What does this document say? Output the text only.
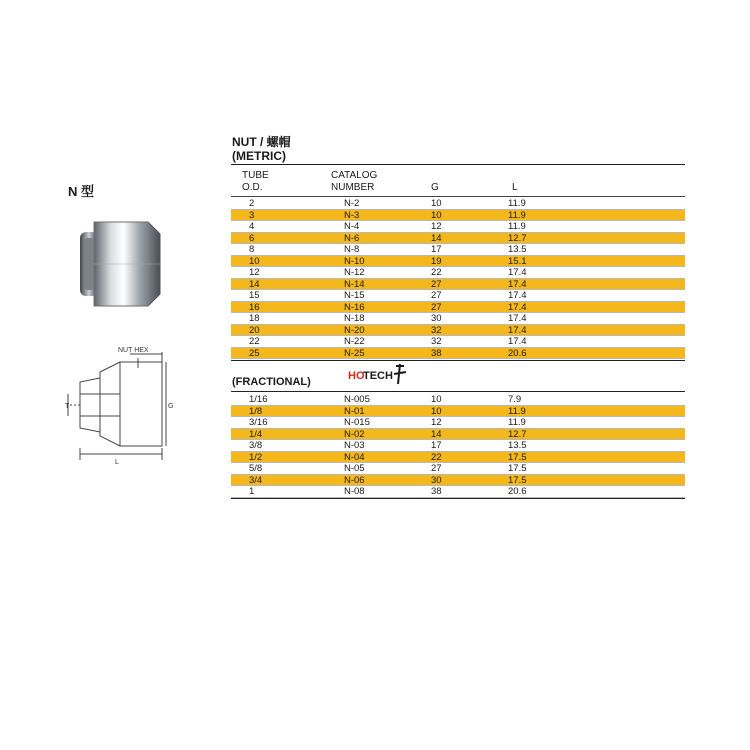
N 型
NUT HEX
T	G
L
NUT / 螺帽
(METRIC)
TUBE
O.D.
CATALOG
NUMBER	G	L
2	N-2	10	11.9
3	N-3	10	11.9
4	N-4	12	11.9
6	N-6	14	12.7
8	N-8	17	13.5
10	N-10	19	15.1
12	N-12	22	17.4
14	N-14	27	17.4
15	N-15	27	17.4
16	N-16	27	17.4
18	N-18	30	17.4
20	N-20	32	17.4
22	N-22	32	17.4
25	N-25	38	20.6
(FRACTIONAL)	HO
TECH
1/16	N-005	10	7.9
1/8	N-01	10	11.9
3/16	N-015	12	11.9
1/4	N-02	14	12.7
3/8	N-03	17	13.5
1/2	N-04	22	17.5
5/8	N-05	27	17.5
3/4	N-06	30	17.5
1	N-08	38	20.6
